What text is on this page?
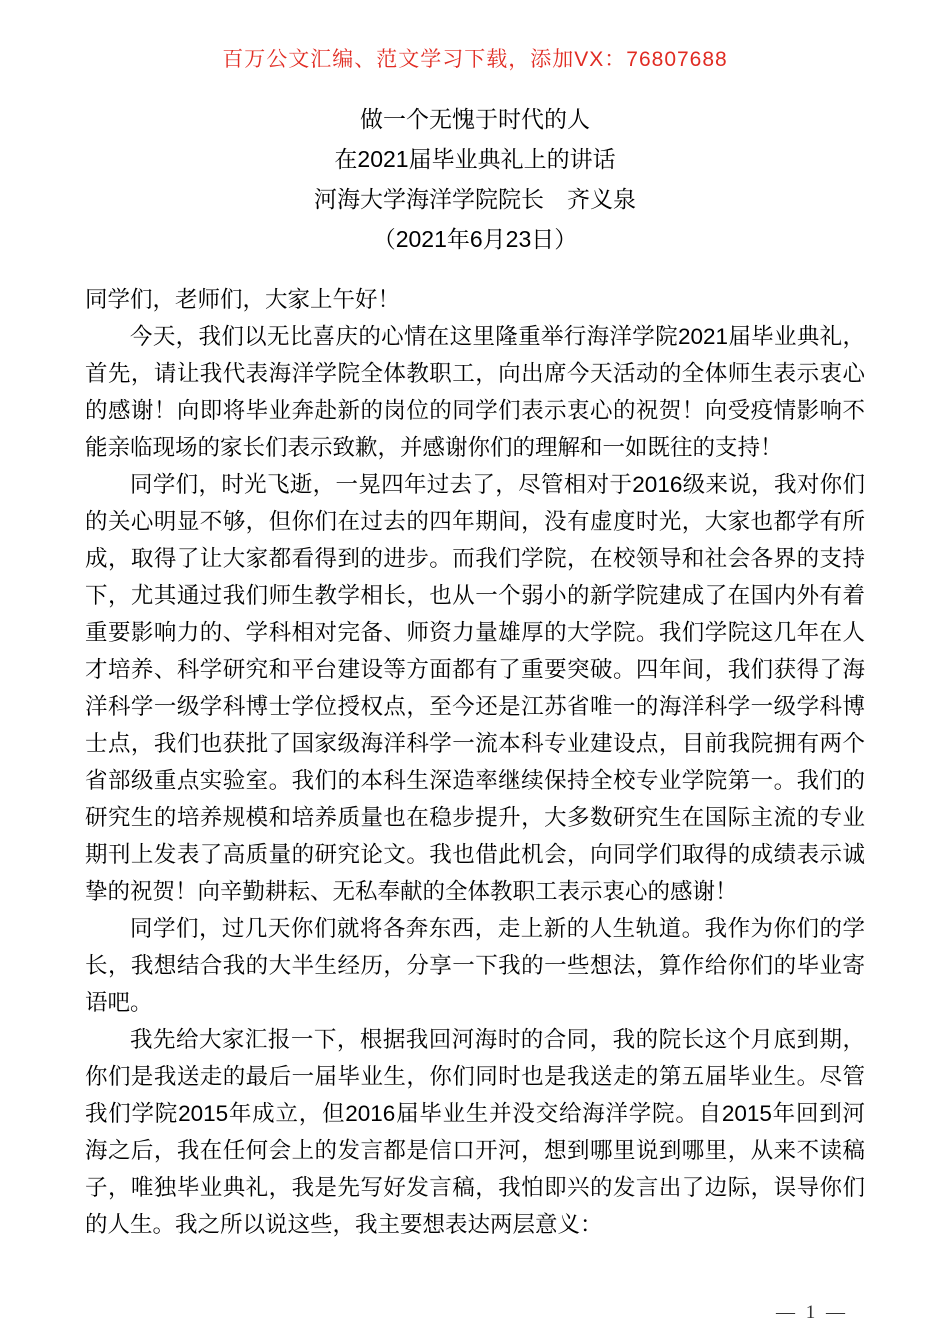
百万公文汇编、范文学习下载，添加VX：76807688
做一个无愧于时代的人
在2021届毕业典礼上的讲话
河海大学海洋学院院长　齐义泉
（2021年6月23日）

同学们，老师们，大家上午好！

今天，我们以无比喜庆的心情在这里隆重举行海洋学院2021届毕业典礼，首先，请让我代表海洋学院全体教职工，向出席今天活动的全体师生表示衷心的感谢！向即将毕业奔赴新的岗位的同学们表示衷心的祝贺！向受疫情影响不能亲临现场的家长们表示致歉，并感谢你们的理解和一如既往的支持！

同学们，时光飞逝，一晃四年过去了，尽管相对于2016级来说，我对你们的关心明显不够，但你们在过去的四年期间，没有虚度时光，大家也都学有所成，取得了让大家都看得到的进步。而我们学院，在校领导和社会各界的支持下，尤其通过我们师生教学相长，也从一个弱小的新学院建成了在国内外有着重要影响力的、学科相对完备、师资力量雄厚的大学院。我们学院这几年在人才培养、科学研究和平台建设等方面都有了重要突破。四年间，我们获得了海洋科学一级学科博士学位授权点，至今还是江苏省唯一的海洋科学一级学科博士点，我们也获批了国家级海洋科学一流本科专业建设点，目前我院拥有两个省部级重点实验室。我们的本科生深造率继续保持全校专业学院第一。我们的研究生的培养规模和培养质量也在稳步提升，大多数研究生在国际主流的专业期刊上发表了高质量的研究论文。我也借此机会，向同学们取得的成绩表示诚挚的祝贺！向辛勤耕耘、无私奉献的全体教职工表示衷心的感谢！

同学们，过几天你们就将各奔东西，走上新的人生轨道。我作为你们的学长，我想结合我的大半生经历，分享一下我的一些想法，算作给你们的毕业寄语吧。

我先给大家汇报一下，根据我回河海时的合同，我的院长这个月底到期，你们是我送走的最后一届毕业生，你们同时也是我送走的第五届毕业生。尽管我们学院2015年成立，但2016届毕业生并没交给海洋学院。自2015年回到河海之后，我在任何会上的发言都是信口开河，想到哪里说到哪里，从来不读稿子，唯独毕业典礼，我是先写好发言稿，我怕即兴的发言出了边际，误导你们的人生。我之所以说这些，我主要想表达两层意义：

— 1 —
